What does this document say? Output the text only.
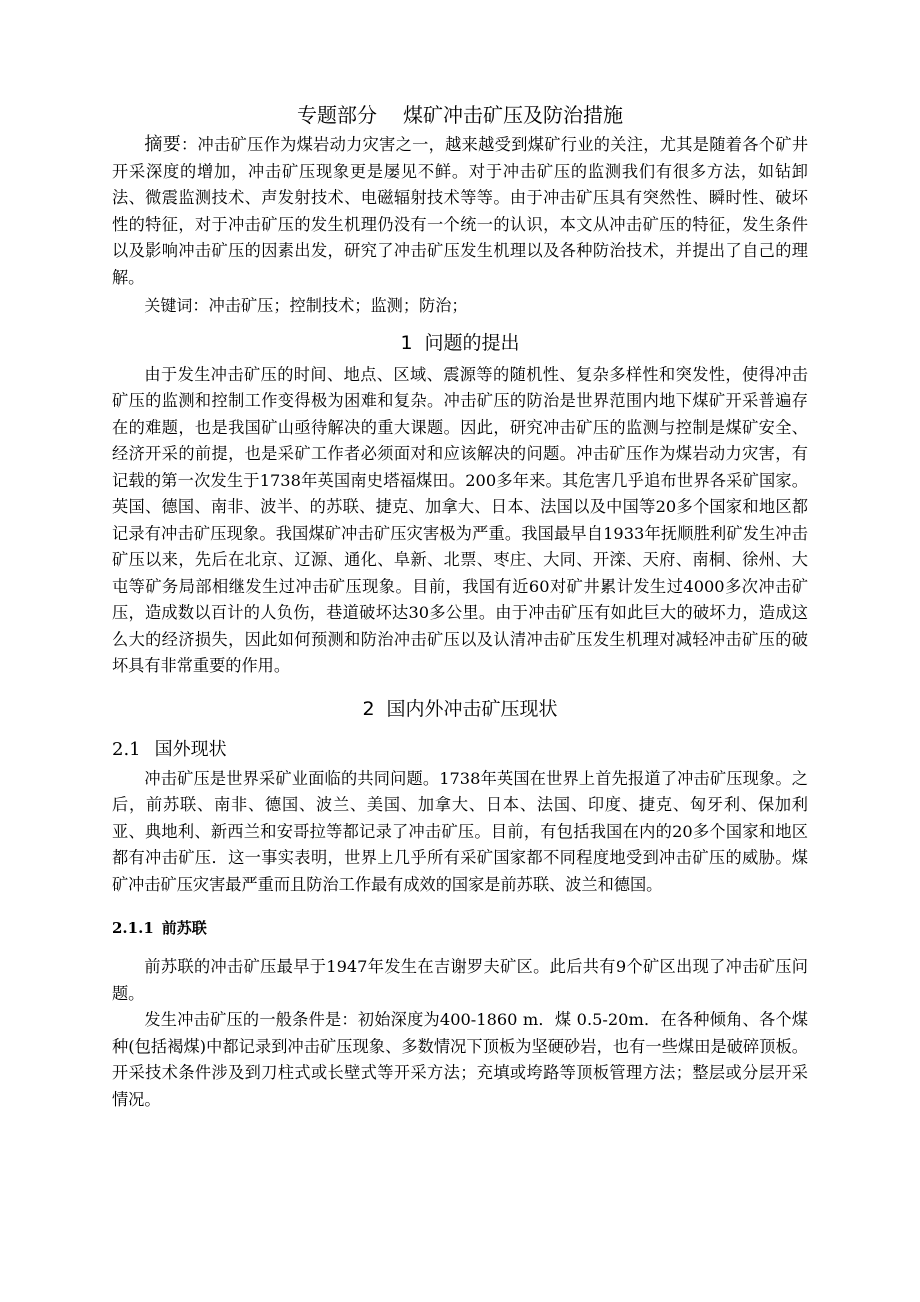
专题部分 煤矿冲击矿压及防治措施

摘要：冲击矿压作为煤岩动力灾害之一，越来越受到煤矿行业的关注，尤其是随着各个矿井开采深度的增加，冲击矿压现象更是屡见不鲜。对于冲击矿压的监测我们有很多方法，如钻卸法、微震监测技术、声发射技术、电磁辐射技术等等。由于冲击矿压具有突然性、瞬时性、破坏性的特征，对于冲击矿压的发生机理仍没有一个统一的认识，本文从冲击矿压的特征，发生条件以及影响冲击矿压的因素出发，研究了冲击矿压发生机理以及各种防治技术，并提出了自己的理解。

关键词：冲击矿压；控制技术；监测；防治；

1 问题的提出

由于发生冲击矿压的时间、地点、区域、震源等的随机性、复杂多样性和突发性，使得冲击矿压的监测和控制工作变得极为困难和复杂。冲击矿压的防治是世界范围内地下煤矿开采普遍存在的难题，也是我国矿山亟待解决的重大课题。因此，研究冲击矿压的监测与控制是煤矿安全、经济开采的前提，也是采矿工作者必须面对和应该解决的问题。冲击矿压作为煤岩动力灾害，有记载的第一次发生于1738年英国南史塔福煤田。200多年来。其危害几乎追布世界各采矿国家。英国、德国、南非、波半、的苏联、捷克、加拿大、日本、法国以及中国等20多个国家和地区都记录有冲击矿压现象。我国煤矿冲击矿压灾害极为严重。我国最早自1933年抚顺胜利矿发生冲击矿压以来，先后在北京、辽源、通化、阜新、北票、枣庄、大同、开滦、天府、南桐、徐州、大屯等矿务局部相继发生过冲击矿压现象。目前，我国有近60对矿井累计发生过4000多次冲击矿压，造成数以百计的人负伤，巷道破坏达30多公里。由于冲击矿压有如此巨大的破坏力，造成这么大的经济损失，因此如何预测和防治冲击矿压以及认清冲击矿压发生机理对减轻冲击矿压的破坏具有非常重要的作用。

2 国内外冲击矿压现状
2.1 国外现状

冲击矿压是世界采矿业面临的共同问题。1738年英国在世界上首先报道了冲击矿压现象。之后，前苏联、南非、德国、波兰、美国、加拿大、日本、法国、印度、捷克、匈牙利、保加利亚、典地利、新西兰和安哥拉等都记录了冲击矿压。目前，有包括我国在内的20多个国家和地区都有冲击矿压．这一事实表明，世界上几乎所有采矿国家都不同程度地受到冲击矿压的威胁。煤矿冲击矿压灾害最严重而且防治工作最有成效的国家是前苏联、波兰和德国。

2.1.1 前苏联

前苏联的冲击矿压最早于1947年发生在吉谢罗夫矿区。此后共有9个矿区出现了冲击矿压问题。

发生冲击矿压的一般条件是：初始深度为400-1860 m．煤 0.5-20m．在各种倾角、各个煤种(包括褐煤)中都记录到冲击矿压现象、多数情况下顶板为坚硬砂岩，也有一些煤田是破碎顶板。开采技术条件涉及到刀柱式或长壁式等开采方法；充填或垮路等顶板管理方法；整层或分层开采情况。
